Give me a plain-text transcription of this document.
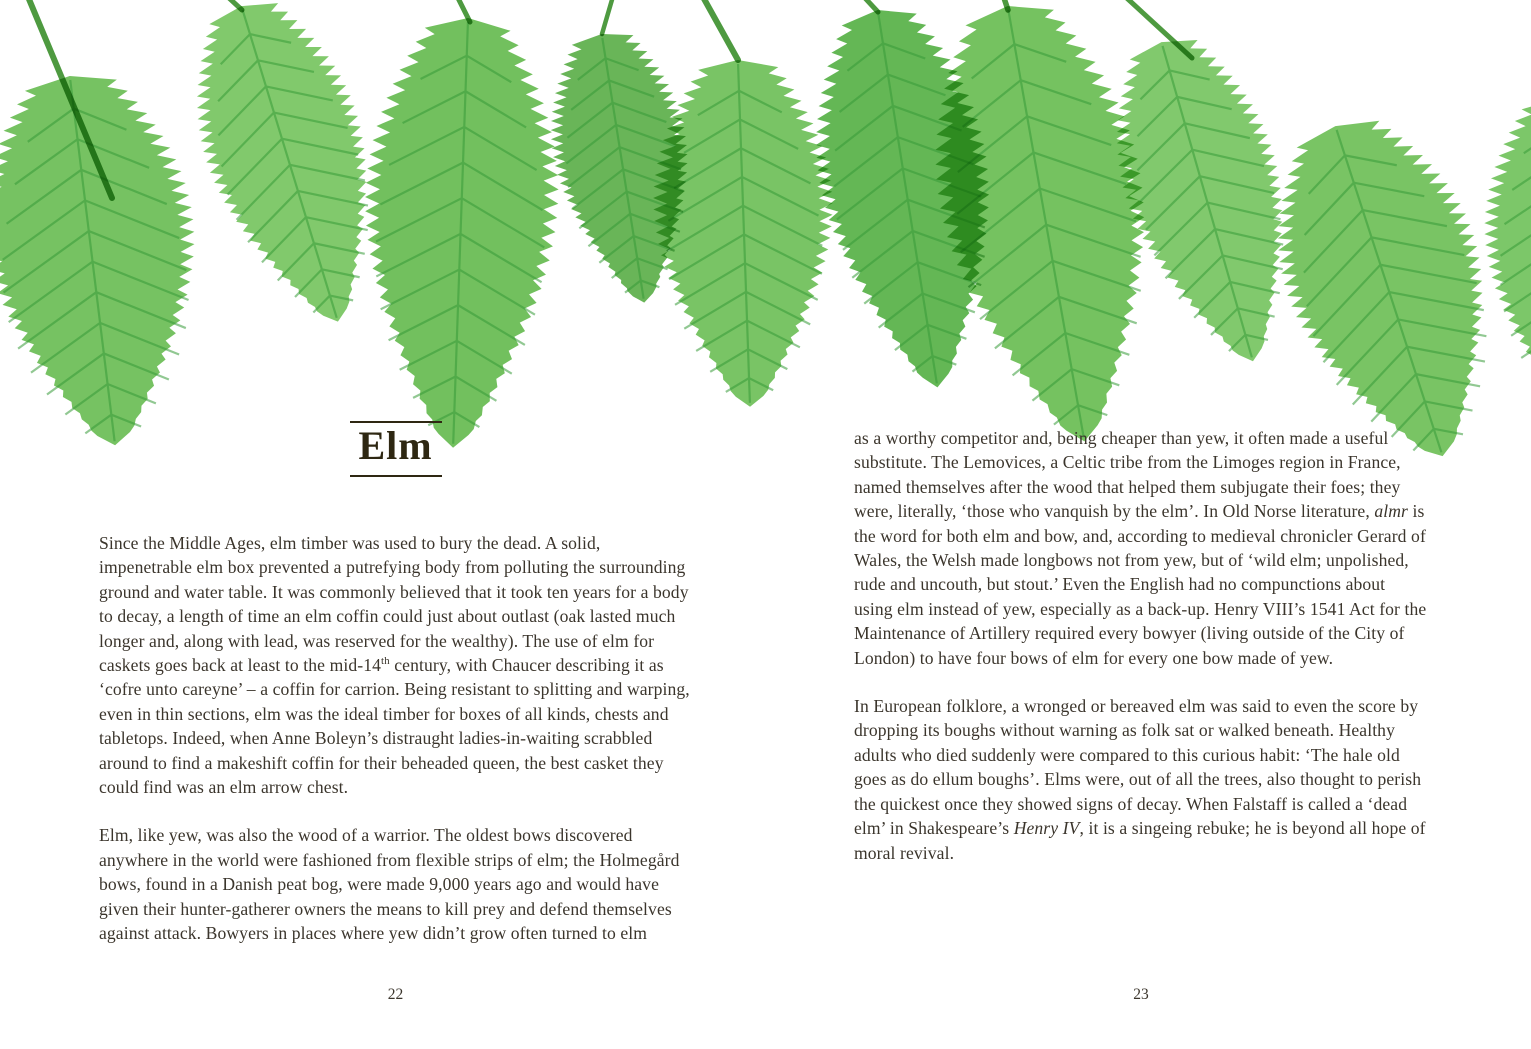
Elm

Since the Middle Ages, elm timber was used to bury the dead. A solid, impenetrable elm box prevented a putrefying body from polluting the surrounding ground and water table. It was commonly believed that it took ten years for a body to decay, a length of time an elm coffin could just about outlast (oak lasted much longer and, along with lead, was reserved for the wealthy). The use of elm for caskets goes back at least to the mid-14th century, with Chaucer describing it as ‘cofre unto careyne’ – a coffin for carrion. Being resistant to splitting and warping, even in thin sections, elm was the ideal timber for boxes of all kinds, chests and tabletops. Indeed, when Anne Boleyn’s distraught ladies-in-waiting scrabbled around to find a makeshift coffin for their beheaded queen, the best casket they could find was an elm arrow chest.

Elm, like yew, was also the wood of a warrior. The oldest bows discovered anywhere in the world were fashioned from flexible strips of elm; the Holmegård bows, found in a Danish peat bog, were made 9,000 years ago and would have given their hunter-gatherer owners the means to kill prey and defend themselves against attack. Bowyers in places where yew didn’t grow often turned to elm

as a worthy competitor and, being cheaper than yew, it often made a useful substitute. The Lemovices, a Celtic tribe from the Limoges region in France, named themselves after the wood that helped them subjugate their foes; they were, literally, ‘those who vanquish by the elm’. In Old Norse literature, almr is the word for both elm and bow, and, according to medieval chronicler Gerard of Wales, the Welsh made longbows not from yew, but of ‘wild elm; unpolished, rude and uncouth, but stout.’ Even the English had no compunctions about using elm instead of yew, especially as a back-up. Henry VIII’s 1541 Act for the Maintenance of Artillery required every bowyer (living outside of the City of London) to have four bows of elm for every one bow made of yew.

In European folklore, a wronged or bereaved elm was said to even the score by dropping its boughs without warning as folk sat or walked beneath. Healthy adults who died suddenly were compared to this curious habit: ‘The hale old goes as do ellum boughs’. Elms were, out of all the trees, also thought to perish the quickest once they showed signs of decay. When Falstaff is called a ‘dead elm’ in Shakespeare’s Henry IV, it is a singeing rebuke; he is beyond all hope of moral revival.

22	23
